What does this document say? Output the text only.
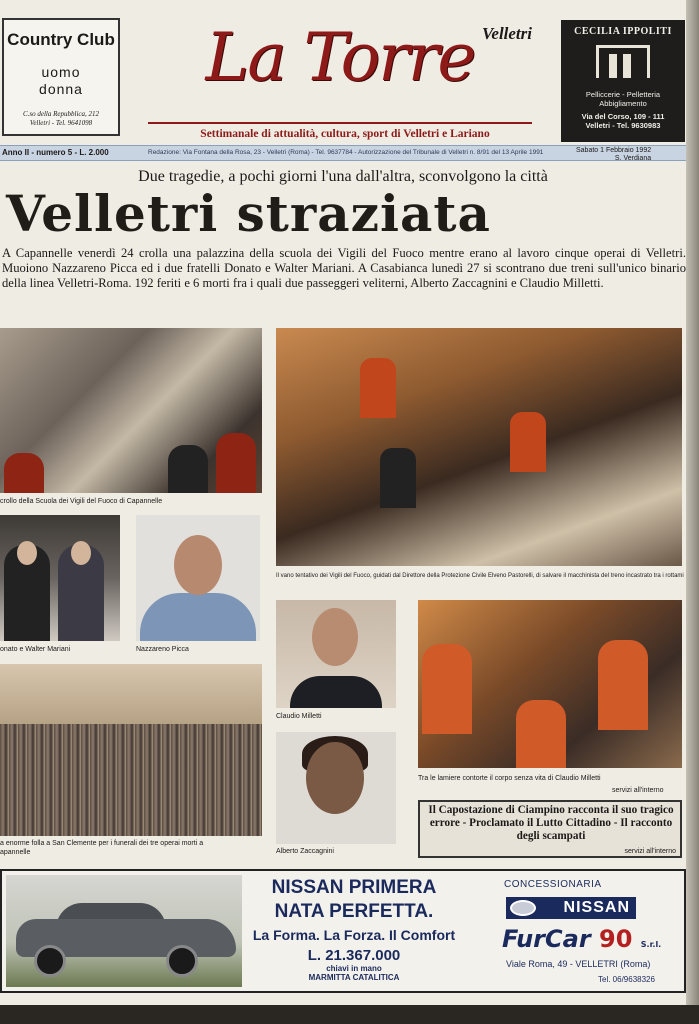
Country Club
uomo
donna
C.so della Repubblica, 212
Velletri - Tel. 9641098
La Torre Velletri
Settimanale di attualità, cultura, sport di Velletri e Lariano
CECILIA IPPOLITI
Pelliccerie - Pelletteria
Abbigliamento
Via del Corso, 109 - 111
Velletri - Tel. 9630983
Anno II - numero 5 - L. 2.000	Redazione: Via Fontana della Rosa, 23 - Velletri (Roma) - Tel. 9637784 - Autorizzazione del Tribunale di Velletri n. 8/91 del 13 Aprile 1991	Sabato 1 Febbraio 1992
S. Verdiana
Due tragedie, a pochi giorni l'una dall'altra, sconvolgono la città
Velletri straziata
A Capannelle venerdì 24 crolla una palazzina della scuola dei Vigili del Fuoco mentre erano al lavoro cinque operai di Velletri. Muoiono Nazzareno Picca ed i due fratelli Donato e Walter Mariani. A Casabianca lunedì 27 si scontrano due treni sull'unico binario della linea Velletri-Roma. 192 feriti e 6 morti fra i quali due passeggeri veliterni, Alberto Zaccagnini e Claudio Milletti.
crollo della Scuola dei Vigili del Fuoco di Capannelle
onato e Walter Mariani	Nazzareno Picca
a enorme folla a San Clemente per i funerali dei tre operai morti a
apannelle
Il vano tentativo dei Vigili del Fuoco, guidati dal Direttore della Protezione Civile Elveno Pastorelli, di salvare il macchinista del treno incastrato tra i rottami
Claudio Milletti
Alberto Zaccagnini
Tra le lamiere contorte il corpo senza vita di Claudio Milletti
servizi all'interno
Il Capostazione di Ciampino racconta il suo tragico errore - Proclamato il Lutto Cittadino - Il racconto degli scampati
servizi all'interno
NISSAN PRIMERA
NATA PERFETTA.
La Forma. La Forza. Il Comfort
L. 21.367.000
chiavi in mano
MARMITTA CATALITICA
CONCESSIONARIA
NISSAN
FurCar 90 S.r.l.
Viale Roma, 49 - VELLETRI (Roma)
Tel. 06/9638326
